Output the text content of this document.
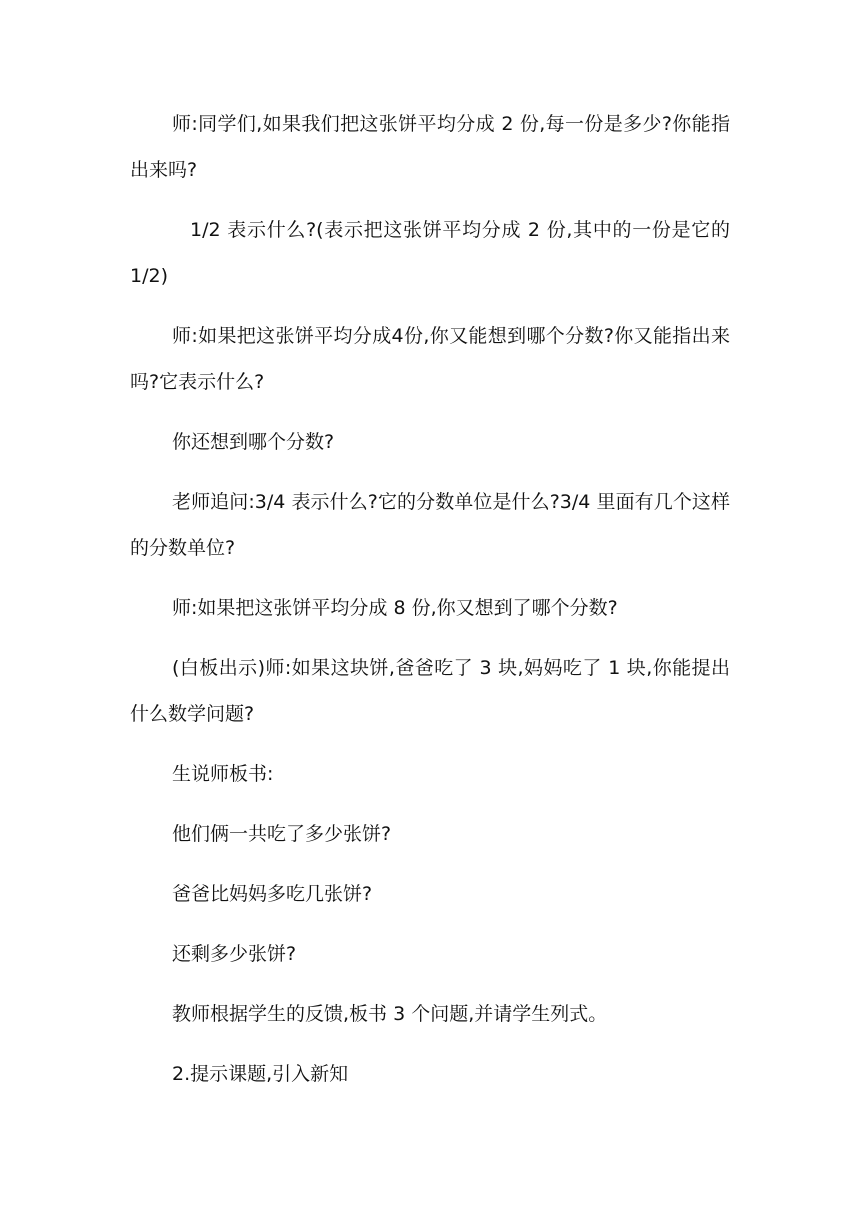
师:同学们,如果我们把这张饼平均分成 2 份,每一份是多少?你能指出来吗?

1/2 表示什么?(表示把这张饼平均分成 2 份,其中的一份是它的 1/2)

师:如果把这张饼平均分成4份,你又能想到哪个分数?你又能指出来吗?它表示什么?

你还想到哪个分数?

老师追问:3/4 表示什么?它的分数单位是什么?3/4 里面有几个这样的分数单位?

师:如果把这张饼平均分成 8 份,你又想到了哪个分数?

(白板出示)师:如果这块饼,爸爸吃了 3 块,妈妈吃了 1 块,你能提出什么数学问题?

生说师板书:

他们俩一共吃了多少张饼?

爸爸比妈妈多吃几张饼?

还剩多少张饼?

教师根据学生的反馈,板书 3 个问题,并请学生列式。

2.提示课题,引入新知
